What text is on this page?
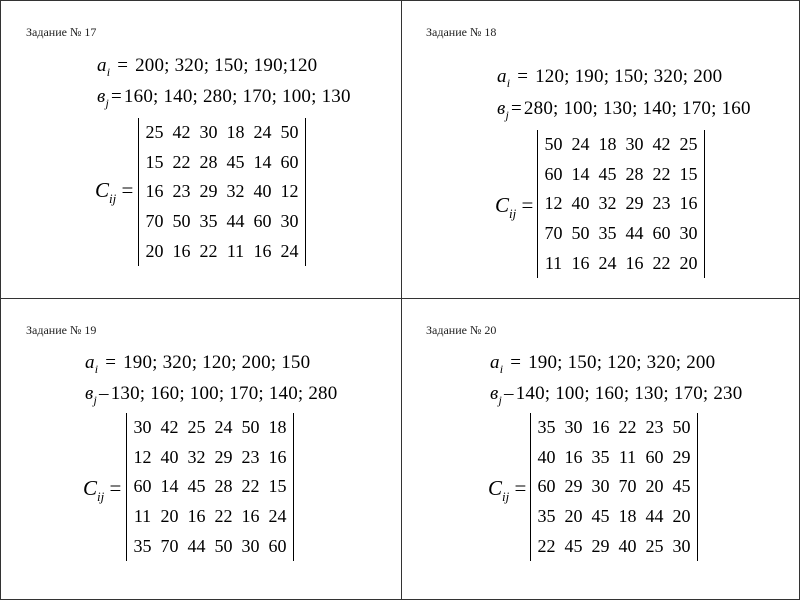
Задание № 17
$a_i = 200$; 320; 150; 190;120
$в_j = 160$; 140; 280; 170; 100; 130
$C_{ij}$ =
25 42 30 18 24 50
15 22 28 45 14 60
16 23 29 32 40 12
70 50 35 44 60 30
20 16 22 11 16 24
Задание № 18
$a_i = 120$; 190; 150; 320; 200
$в_j = 280$; 100; 130; 140; 170; 160
$C_{ij}$ =
50 24 18 30 42 25
60 14 45 28 22 15
12 40 32 29 23 16
70 50 35 44 60 30
11 16 24 16 22 20
Задание № 19
$a_i = 190$; 320; 120; 200; 150
$в_j - 130$; 160; 100; 170; 140; 280
$C_{ij}$ =
30 42 25 24 50 18
12 40 32 29 23 16
60 14 45 28 22 15
11 20 16 22 16 24
35 70 44 50 30 60
Задание № 20
$a_i = 190$; 150; 120; 320; 200
$в_j - 140$; 100; 160; 130; 170; 230
$C_{ij}$ =
35 30 16 22 23 50
40 16 35 11 60 29
60 29 30 70 20 45
35 20 45 18 44 20
22 45 29 40 25 30
